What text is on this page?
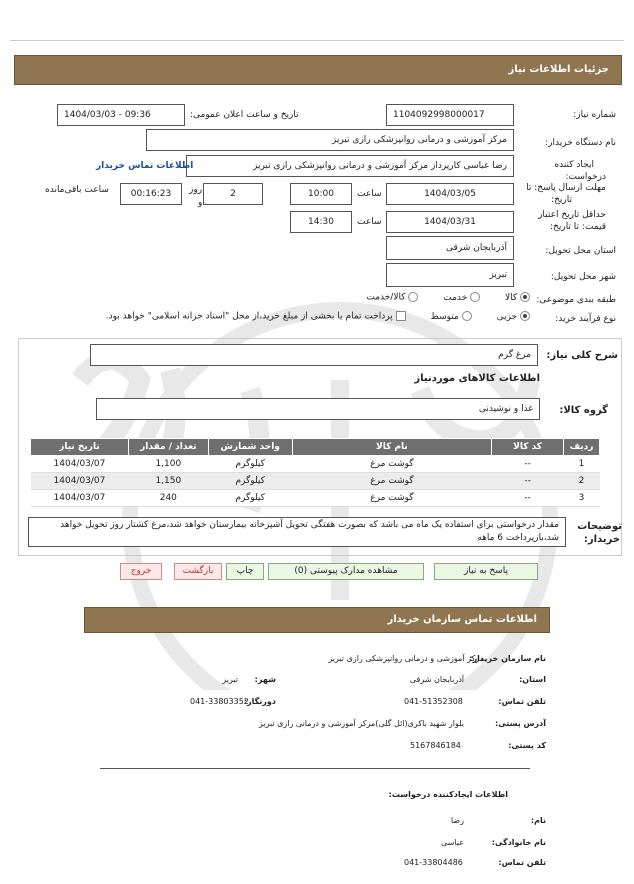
جزئیات اطلاعات نیاز
شماره نیاز:
1104092998000017
تاریخ و ساعت اعلان عمومی:
1404/03/03 - 09:36
نام دستگاه خریدار:
مرکز آموزشی و درمانی روانپزشکی رازی تبریز
ایجاد کننده
درخواست:
رضا عباسی کارپرداز مرکز آموزشی و درمانی روانپزشکی رازی تبریز
اطلاعات تماس خریدار
مهلت ارسال پاسخ: تا
تاریخ:
1404/03/05
ساعت
10:00
2
روز
و
00:16:23
ساعت باقی‌مانده
حداقل تاریخ اعتبار
قیمت: تا تاریخ:
1404/03/31
ساعت
14:30
استان محل تحویل:
آذربایجان شرقی
شهر محل تحویل:
تبریز
طبقه بندی موضوعی:
کالا  خدمت  کالا/خدمت
نوع فرآیند خرید:
جزیی  متوسط  پرداخت تمام یا بخشی از مبلغ خرید،از محل "اسناد خزانه اسلامی" خواهد بود.
شرح کلی نیاز:
مرغ گرم
اطلاعات کالاهای موردنیاز
گروه کالا:
غذا و نوشیدنی
ردیف	کد کالا	نام کالا	واحد شمارش	تعداد / مقدار	تاریخ نیاز
1	--	گوشت مرغ	کیلوگرم	1,100	1404/03/07
2	--	گوشت مرغ	کیلوگرم	1,150	1404/03/07
3	--	گوشت مرغ	کیلوگرم	240	1404/03/07
توضیحات
خریدار:
مقدار درخواستی برای استفاده یک ماه می باشد که بصورت هفتگی تحویل آشپزخانه بیمارستان خواهد شد،مرغ کشتار روز تحویل خواهد شد،بازپرداخت 6 ماهه
پاسخ به نیاز
مشاهده مدارک پیوستی (0)
چاپ
بازگشت
خروج
اطلاعات تماس سازمان خریدار
نام سازمان خریدار:
مرکز آموزشی و درمانی روانپزشکی رازی تبریز
استان:
آذربایجان شرقی
شهر:
تبریز
تلفن تماس:
041-51352308
دورنگار:
041-33803352
آدرس پستی:
بلوار شهید باکری(ائل گلی)مرکز آموزشی و درمانی رازی تبریز
کد پستی:
5167846184
اطلاعات ایجادکننده درخواست:
نام:
رضا
نام خانوادگی:
عباسی
تلفن تماس:
041-33804486
